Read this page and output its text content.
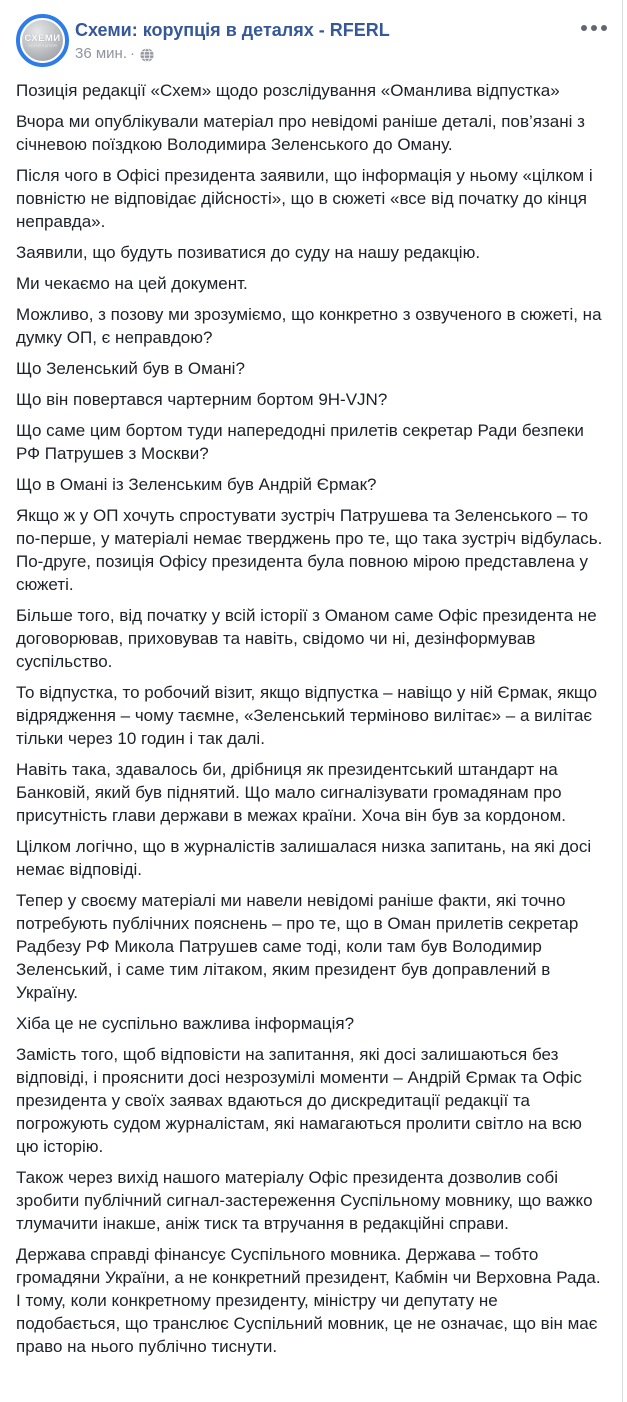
СХЕМИ
корупція в деталях
Схеми: корупція в деталях - RFERL
36 мин. ·

Позиція редакції «Схем» щодо розслідування «Оманлива відпустка»

Вчора ми опублікували матеріал про невідомі раніше деталі, пов’язані з січневою поїздкою Володимира Зеленського до Оману.

Після чого в Офісі президента заявили, що інформація у ньому «цілком і повністю не відповідає дійсності», що в сюжеті «все від початку до кінця неправда».

Заявили, що будуть позиватися до суду на нашу редакцію.

Ми чекаємо на цей документ.

Можливо, з позову ми зрозуміємо, що конкретно з озвученого в сюжеті, на думку ОП, є неправдою?

Що Зеленський був в Омані?

Що він повертався чартерним бортом 9H-VJN?

Що саме цим бортом туди напередодні прилетів секретар Ради безпеки РФ Патрушев з Москви?

Що в Омані із Зеленським був Андрій Єрмак?

Якщо ж у ОП хочуть спростувати зустріч Патрушева та Зеленського – то по-перше, у матеріалі немає тверджень про те, що така зустріч відбулась. По-друге, позиція Офісу президента була повною мірою представлена у сюжеті.

Більше того, від початку у всій історії з Оманом саме Офіс президента не договорював, приховував та навіть, свідомо чи ні, дезінформував суспільство.

То відпустка, то робочий візит, якщо відпустка – навіщо у ній Єрмак, якщо відрядження – чому таємне, «Зеленський терміново вилітає» – а вилітає тільки через 10 годин і так далі.

Навіть така, здавалось би, дрібниця як президентський штандарт на Банковій, який був піднятий. Що мало сигналізувати громадянам про присутність глави держави в межах країни. Хоча він був за кордоном.

Цілком логічно, що в журналістів залишалася низка запитань, на які досі немає відповіді.

Тепер у своєму матеріалі ми навели невідомі раніше факти, які точно потребують публічних пояснень – про те, що в Оман прилетів секретар Радбезу РФ Микола Патрушев саме тоді, коли там був Володимир Зеленський, і саме тим літаком, яким президент був доправлений в Україну.

Хіба це не суспільно важлива інформація?

Замість того, щоб відповісти на запитання, які досі залишаються без відповіді, і прояснити досі незрозумілі моменти – Андрій Єрмак та Офіс президента у своїх заявах вдаються до дискредитації редакції та погрожують судом журналістам, які намагаються пролити світло на всю цю історію.

Також через вихід нашого матеріалу Офіс президента дозволив собі зробити публічний сигнал-застереження Суспільному мовнику, що важко тлумачити інакше, аніж тиск та втручання в редакційні справи.

Держава справді фінансує Суспільного мовника. Держава – тобто громадяни України, а не конкретний президент, Кабмін чи Верховна Рада. І тому, коли конкретному президенту, міністру чи депутату не подобається, що транслює Суспільний мовник, це не означає, що він має право на нього публічно тиснути.
